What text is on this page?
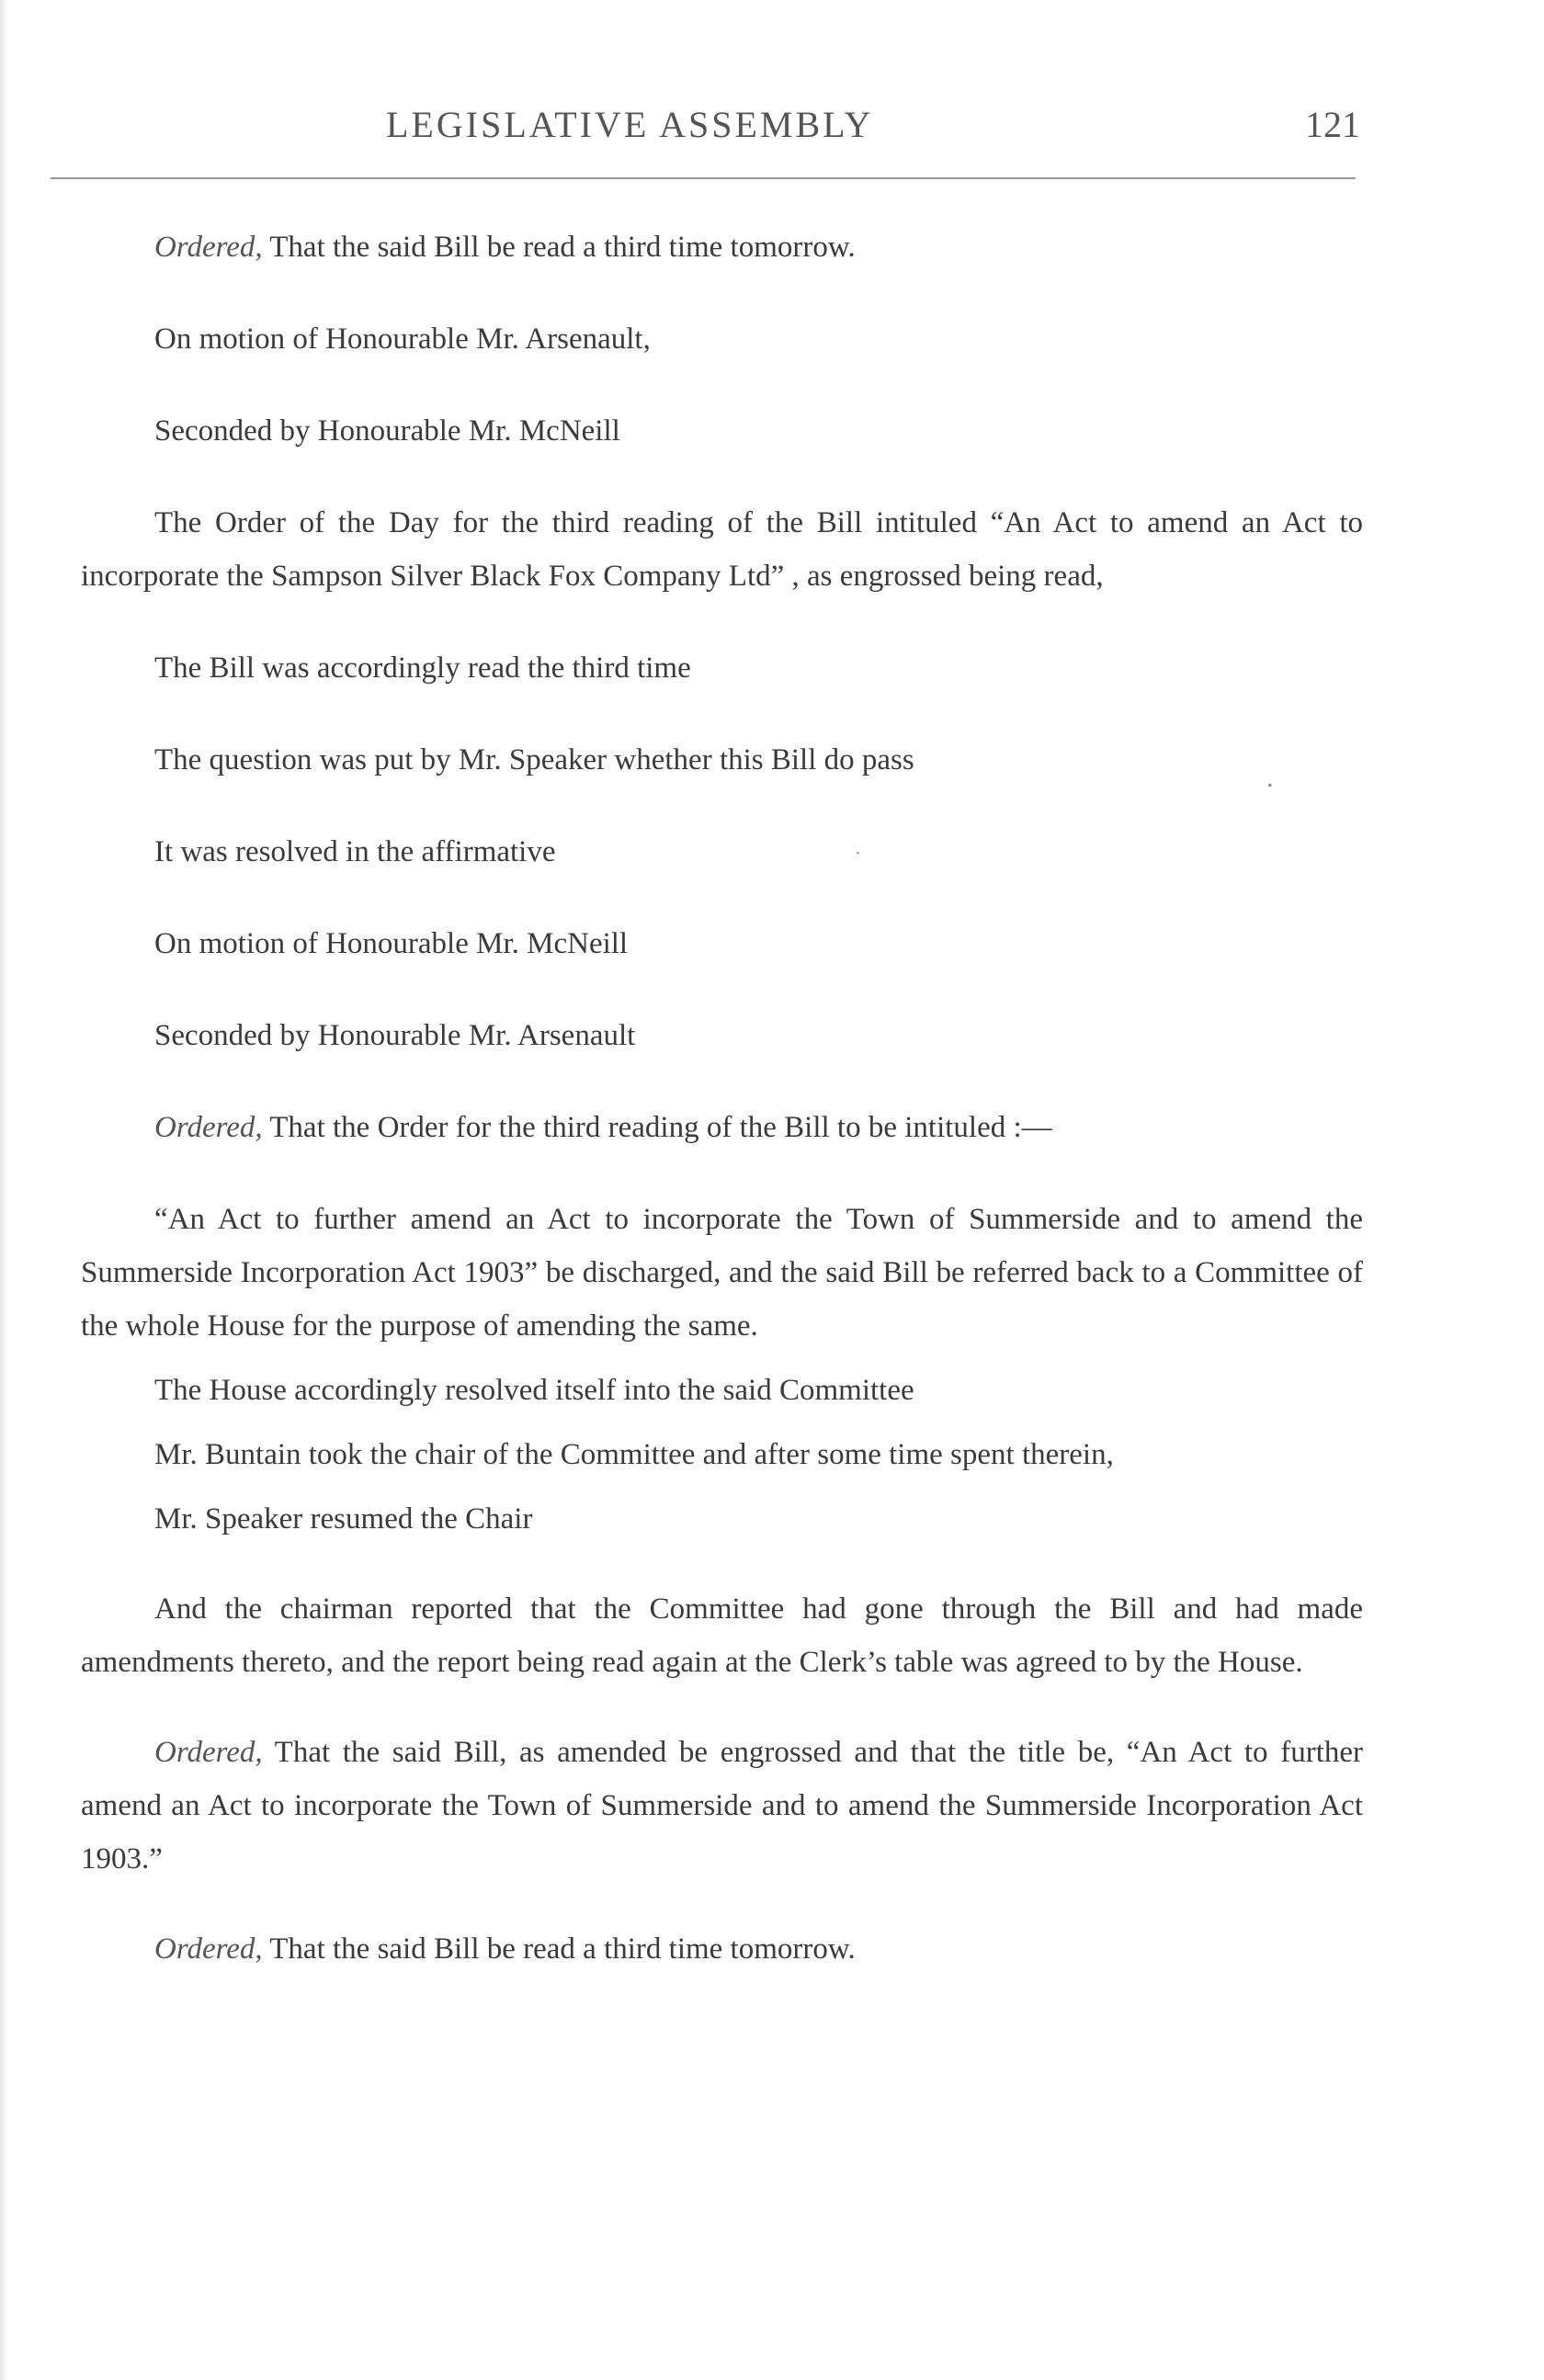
LEGISLATIVE ASSEMBLY	121

Ordered, That the said Bill be read a third time tomorrow.

On motion of Honourable Mr. Arsenault,

Seconded by Honourable Mr. McNeill

The Order of the Day for the third reading of the Bill intituled “An Act to amend an Act to incorporate the Sampson Silver Black Fox Company Ltd” , as engrossed being read,

The Bill was accordingly read the third time

The question was put by Mr. Speaker whether this Bill do pass

It was resolved in the affirmative

On motion of Honourable Mr. McNeill

Seconded by Honourable Mr. Arsenault

Ordered, That the Order for the third reading of the Bill to be intituled :—

“An Act to further amend an Act to incorporate the Town of Summerside and to amend the Summerside Incorporation Act 1903” be discharged, and the said Bill be referred back to a Committee of the whole House for the purpose of amending the same.

The House accordingly resolved itself into the said Committee

Mr. Buntain took the chair of the Committee and after some time spent therein,

Mr. Speaker resumed the Chair

And the chairman reported that the Committee had gone through the Bill and had made amendments thereto, and the report being read again at the Clerk’s table was agreed to by the House.

Ordered, That the said Bill, as amended be engrossed and that the title be, “An Act to further amend an Act to incorporate the Town of Summerside and to amend the Summerside Incorporation Act 1903.”

Ordered, That the said Bill be read a third time tomorrow.

.
·
